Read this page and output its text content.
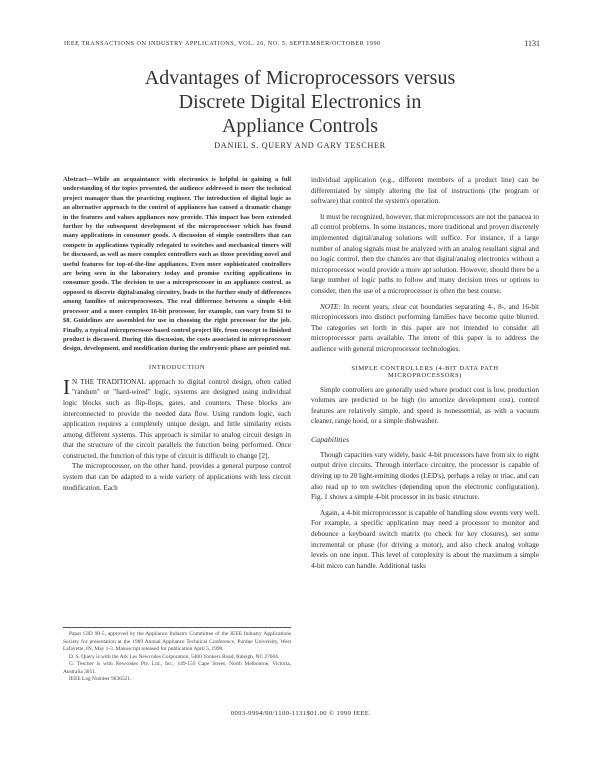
IEEE TRANSACTIONS ON INDUSTRY APPLICATIONS, VOL. 26, NO. 5, SEPTEMBER/OCTOBER 1990	1131
Advantages of Microprocessors versus
Discrete Digital Electronics in
Appliance Controls
DANIEL S. QUERY AND GARY TESCHER

Abstract—While an acquaintance with electronics is helpful in gaining a full understanding of the topics presented, the audience addressed is more the technical project manager than the practicing engineer. The introduction of digital logic as an alternative approach to the control of appliances has caused a dramatic change in the features and values appliances now provide. This impact has been extended further by the subsequent development of the microprocessor which has found many applications in consumer goods. A discussion of simple controllers that can compete in applications typically relegated to switches and mechanical timers will be discussed, as well as more complex controllers such as those providing novel and useful features for top-of-the-line appliances. Even more sophisticated controllers are being seen in the laboratory today and promise exciting applications in consumer goods. The decision to use a microprocessor in an appliance control, as opposed to discrete digital/analog circuitry, leads to the further study of differences among families of microprocessors. The real difference between a simple 4-bit processor and a more complex 16-bit processor, for example, can vary from $1 to $8. Guidelines are assembled for use in choosing the right processor for the job. Finally, a typical microprocessor-based control project life, from concept to finished product is discussed. During this discussion, the costs associated in microprocessor design, development, and modification during the embryonic phase are pointed out.

INTRODUCTION

I N THE TRADITIONAL approach to digital control design, often called "random" or "hard-wired" logic, systems are designed using individual logic blocks such as flip-flops, gates, and counters. These blocks are interconnected to provide the needed data flow. Using random logic, each application requires a completely unique design, and little similarity exists among different systems. This approach is similar to analog circuit design in that the structure of the circuit parallels the function being performed. Once constructed, the function of this type of circuit is difficult to change [2].

The microprocessor, on the other hand, provides a general purpose control system that can be adapted to a wide variety of applications with less circuit modification. Each

Paper GID 90-5, approved by the Appliance Industry Committee of the IEEE Industry Applications Society for presentation at the 1989 Annual Appliance Technical Conference, Purdue University, West Lafayette, IN, May 1-3. Manuscript released for publication April 5, 1990.

D. S. Query is with the Ark Les Newcodes Corporation, 5400 Yonkers Road, Raleigh, NC 27604.

G. Tescher is with Newcodes Pty. Ltd., Inc., 149-159 Cape Street, North Melbourne, Victoria, Australia 3051.

IEEE Log Number 9036521.

individual application (e.g., different members of a product line) can be differentiated by simply altering the list of instructions (the program or software) that control the system's operation.

It must be recognized, however, that microprocessors are not the panacea to all control problems. In some instances, more traditional and proven discretely implemented digital/analog solutions will suffice. For instance, if a large number of analog signals must be analyzed with an analog resultant signal and no logic control, then the chances are that digital/analog electronics without a microprocessor would provide a more apt solution. However, should there be a large number of logic paths to follow and many decision trees or options to consider, then the use of a microprocessor is often the best course.

NOTE: In recent years, clear cut boundaries separating 4-, 8-, and 16-bit microprocessors into distinct performing families have become quite blurred. The categories set forth in this paper are not intended to consider all microprocessor parts available. The intent of this paper is to address the audience with general microprocessor technologies.

SIMPLE CONTROLLERS (4-BIT DATA PATH
MICROPROCESSORS)

Simple controllers are generally used where product cost is low, production volumes are predicted to be high (to amortize development cost), control features are relatively simple, and speed is nonessential, as with a vacuum cleaner, range hood, or a simple dishwasher.

Capabilities

Though capacities vary widely, basic 4-bit processors have from six to eight output drive circuits. Through interface circuitry, the processor is capable of driving up to 20 light-emitting diodes (LED's), perhaps a relay or triac, and can also read up to ten switches (depending upon the electronic configuration). Fig. 1 shows a simple 4-bit processor in its basic structure.

Again, a 4-bit microprocessor is capable of handling slow events very well. For example, a specific application may need a processor to monitor and debounce a keyboard switch matrix (to check for key closures), set some incremental or phase (for driving a motor), and also check analog voltage levels on one input. This level of complexity is about the maximum a simple 4-bit micro can handle. Additional tasks

0093-9994/90/1100-1131$01.00 © 1990 IEEE
